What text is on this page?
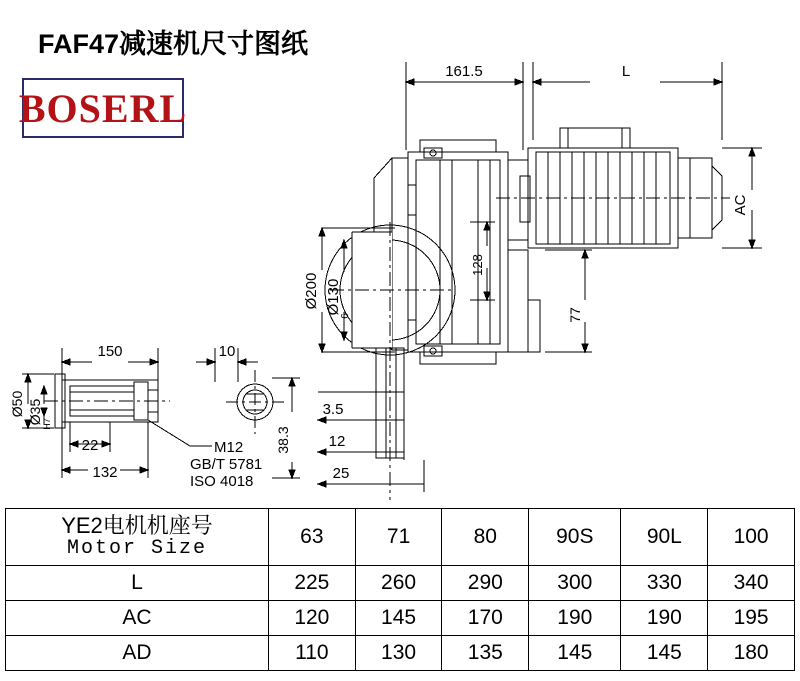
FAF47减速机尺寸图纸
BOSERL
161.5	L
AC
128
77
Ø200 Ø130
6
3.5
12
25
150	10
22
132
38.3
Ø50 Ø35 H7
M12
GB/T 5781
ISO 4018
YE2电机机座号
Motor Size	63	71	80	90S	90L	100
L	225	260	290	300	330	340
AC	120	145	170	190	190	195
AD	110	130	135	145	145	180
